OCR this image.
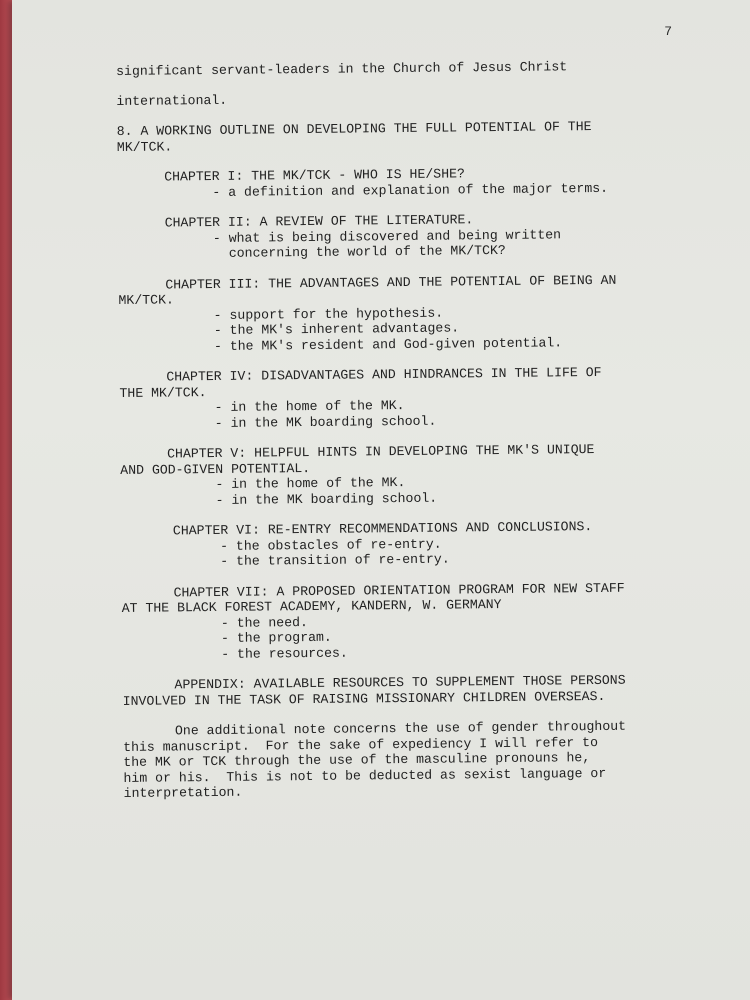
7
significant servant-leaders in the Church of Jesus Christ
international.
8. A WORKING OUTLINE ON DEVELOPING THE FULL POTENTIAL OF THE
MK/TCK.
CHAPTER I: THE MK/TCK - WHO IS HE/SHE?
- a definition and explanation of the major terms.
CHAPTER II: A REVIEW OF THE LITERATURE.
- what is being discovered and being written
concerning the world of the MK/TCK?
CHAPTER III: THE ADVANTAGES AND THE POTENTIAL OF BEING AN
MK/TCK.
- support for the hypothesis.
- the MK's inherent advantages.
- the MK's resident and God-given potential.
CHAPTER IV: DISADVANTAGES AND HINDRANCES IN THE LIFE OF
THE MK/TCK.
- in the home of the MK.
- in the MK boarding school.
CHAPTER V: HELPFUL HINTS IN DEVELOPING THE MK'S UNIQUE
AND GOD-GIVEN POTENTIAL.
- in the home of the MK.
- in the MK boarding school.
CHAPTER VI: RE-ENTRY RECOMMENDATIONS AND CONCLUSIONS.
- the obstacles of re-entry.
- the transition of re-entry.
CHAPTER VII: A PROPOSED ORIENTATION PROGRAM FOR NEW STAFF
AT THE BLACK FOREST ACADEMY, KANDERN, W. GERMANY
- the need.
- the program.
- the resources.
APPENDIX: AVAILABLE RESOURCES TO SUPPLEMENT THOSE PERSONS
INVOLVED IN THE TASK OF RAISING MISSIONARY CHILDREN OVERSEAS.
One additional note concerns the use of gender throughout
this manuscript.  For the sake of expediency I will refer to
the MK or TCK through the use of the masculine pronouns he,
him or his.  This is not to be deducted as sexist language or
interpretation.
